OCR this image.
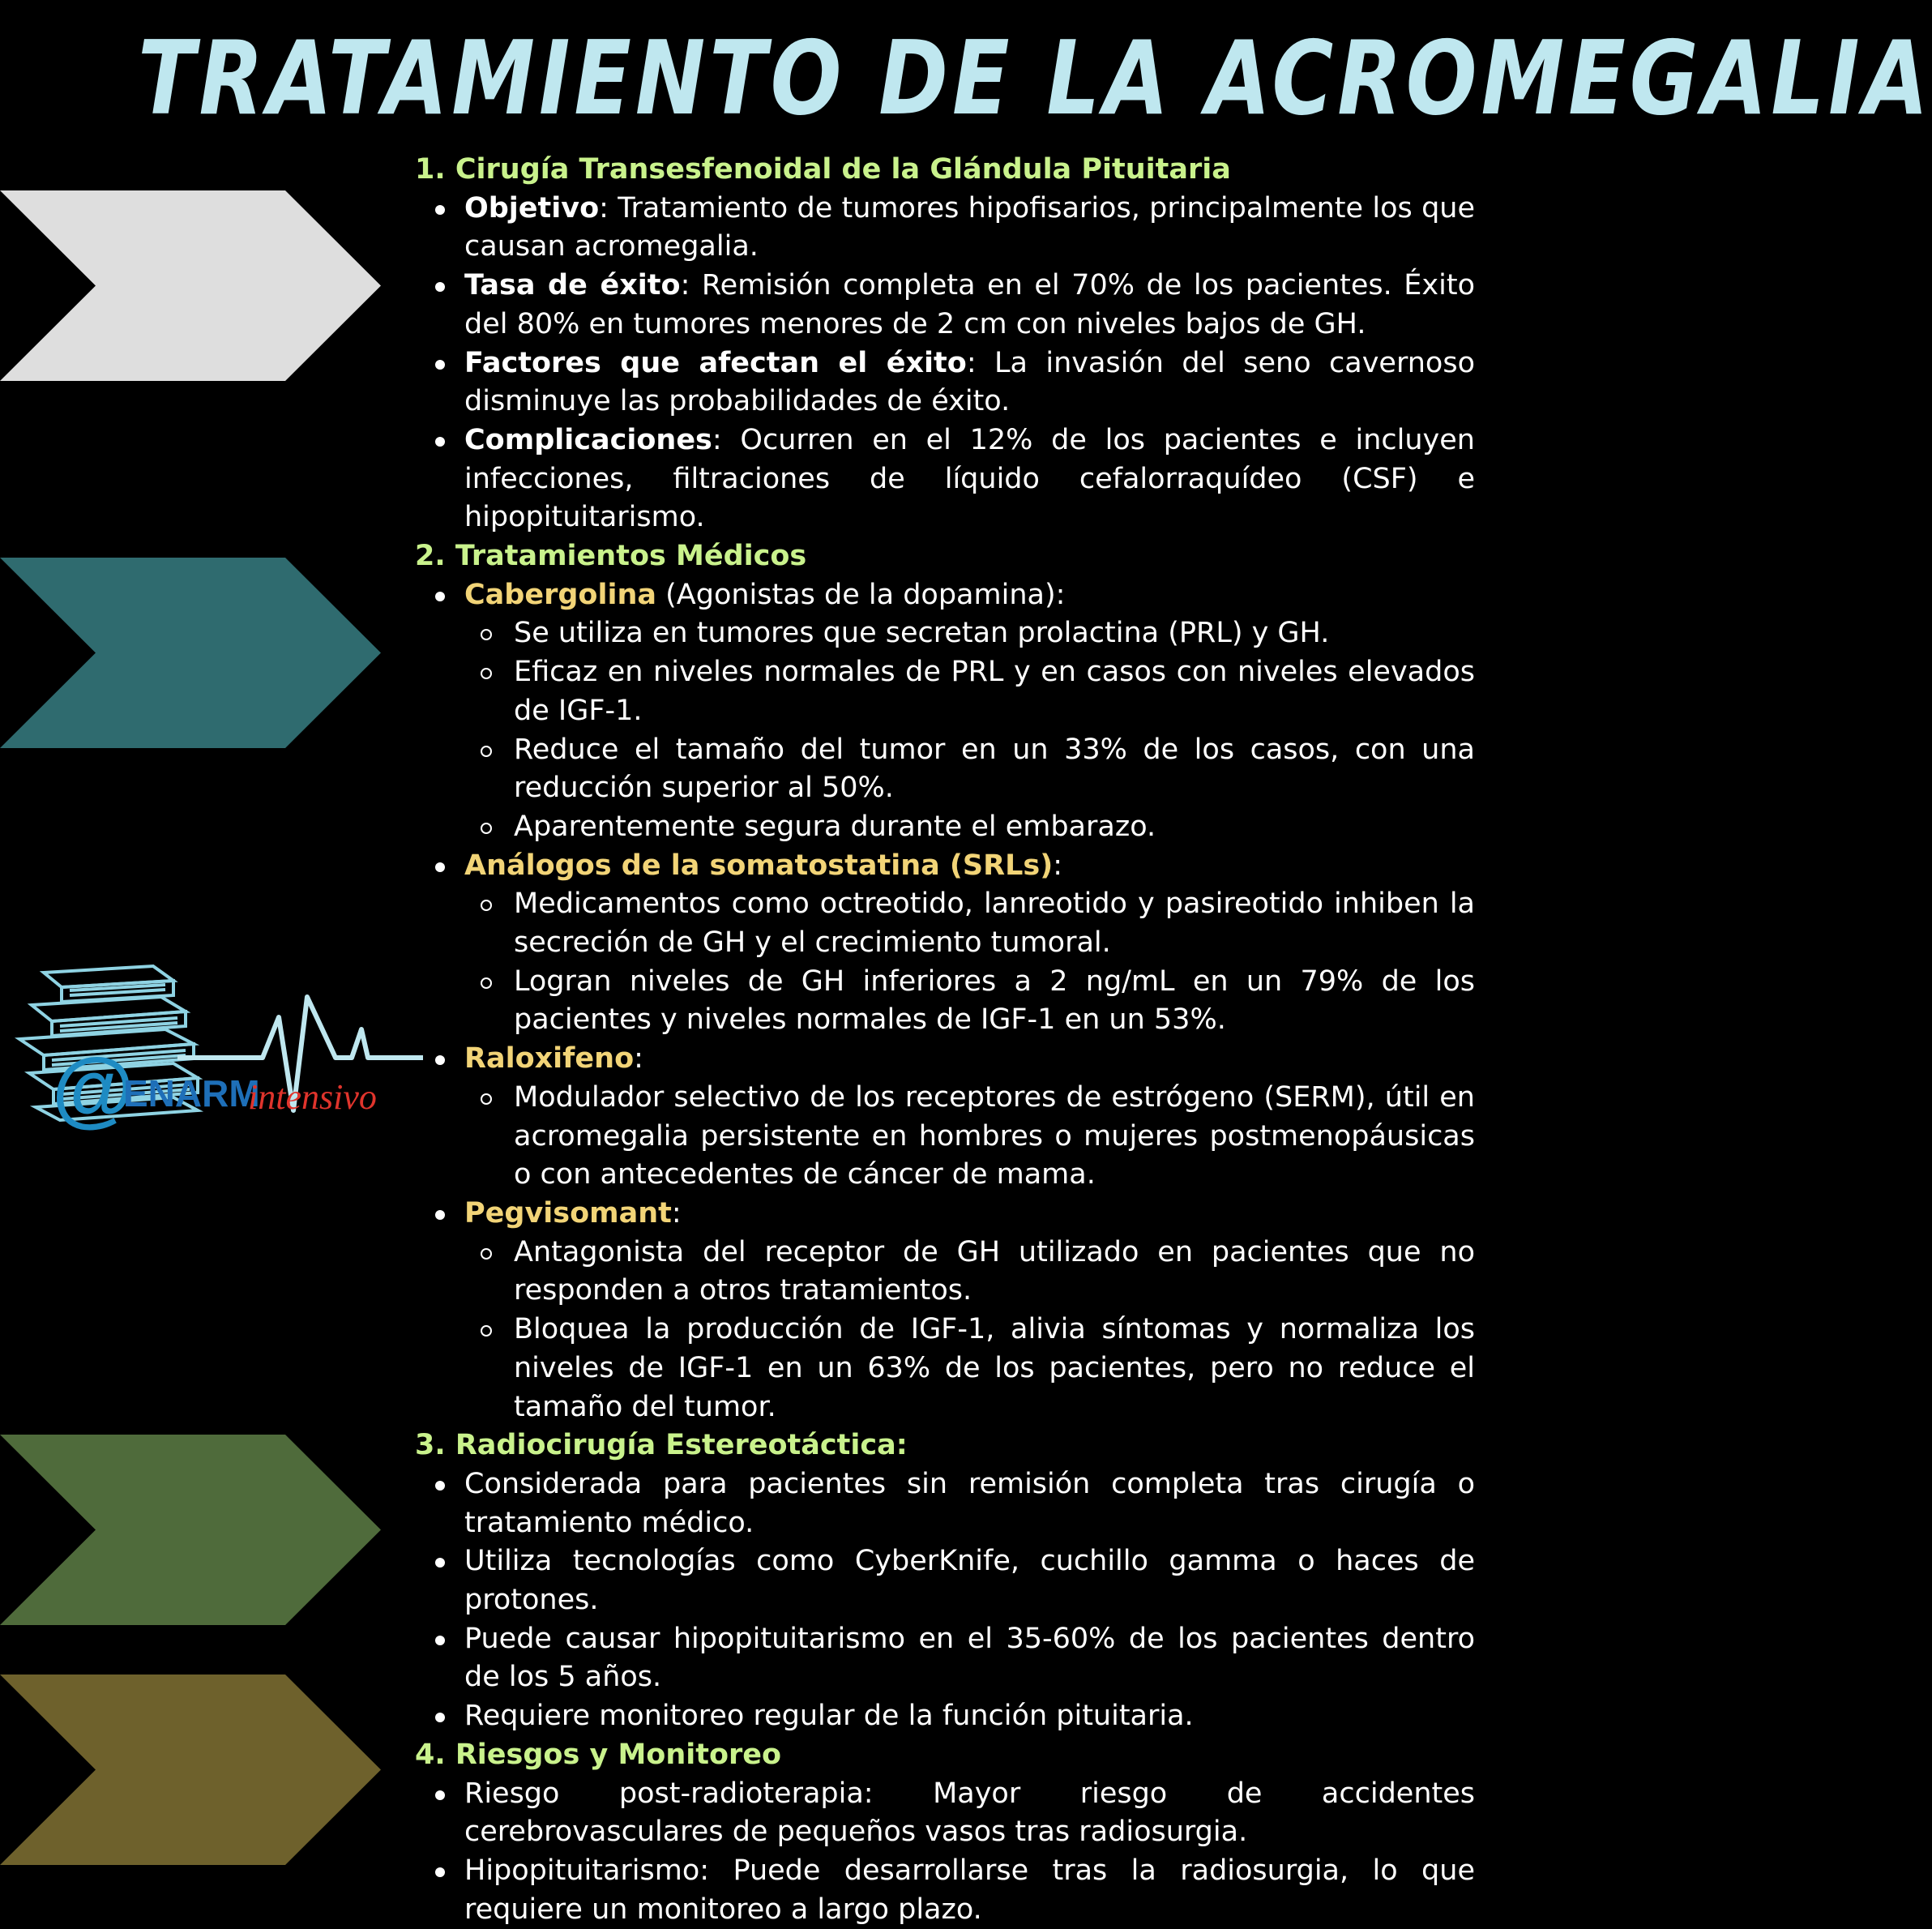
TRATAMIENTO DE LA ACROMEGALIA
@
ENARM
intensivo

1. Cirugía Transesfenoidal de la Glándula Pituitaria

Objetivo: Tratamiento de tumores hipofisarios, principalmente los que causan acromegalia.
Tasa de éxito: Remisión completa en el 70% de los pacientes. Éxito del 80% en tumores menores de 2 cm con niveles bajos de GH.
Factores que afectan el éxito: La invasión del seno cavernoso disminuye las probabilidades de éxito.
Complicaciones: Ocurren en el 12% de los pacientes e incluyen infecciones, filtraciones de líquido cefalorraquídeo (CSF) e hipopituitarismo.

2. Tratamientos Médicos

Cabergolina (Agonistas de la dopamina):
Se utiliza en tumores que secretan prolactina (PRL) y GH.
Eficaz en niveles normales de PRL y en casos con niveles elevados de IGF-1.
Reduce el tamaño del tumor en un 33% de los casos, con una reducción superior al 50%.
Aparentemente segura durante el embarazo.
Análogos de la somatostatina (SRLs):
Medicamentos como octreotido, lanreotido y pasireotido inhiben la secreción de GH y el crecimiento tumoral.
Logran niveles de GH inferiores a 2 ng/mL en un 79% de los pacientes y niveles normales de IGF-1 en un 53%.
Raloxifeno:
Modulador selectivo de los receptores de estrógeno (SERM), útil en acromegalia persistente en hombres o mujeres postmenopáusicas o con antecedentes de cáncer de mama.
Pegvisomant:
Antagonista del receptor de GH utilizado en pacientes que no responden a otros tratamientos.
Bloquea la producción de IGF-1, alivia síntomas y normaliza los niveles de IGF-1 en un 63% de los pacientes, pero no reduce el tamaño del tumor.

3. Radiocirugía Estereotáctica:

Considerada para pacientes sin remisión completa tras cirugía o tratamiento médico.
Utiliza tecnologías como CyberKnife, cuchillo gamma o haces de protones.
Puede causar hipopituitarismo en el 35-60% de los pacientes dentro de los 5 años.
Requiere monitoreo regular de la función pituitaria.

4. Riesgos y Monitoreo

Riesgo post-radioterapia: Mayor riesgo de accidentes cerebrovasculares de pequeños vasos tras radiosurgia.
Hipopituitarismo: Puede desarrollarse tras la radiosurgia, lo que requiere un monitoreo a largo plazo.
